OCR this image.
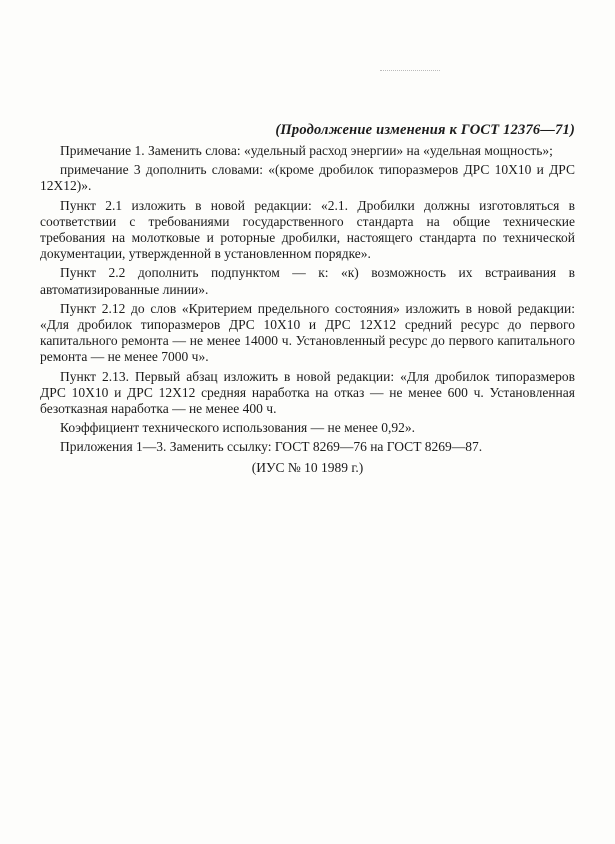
(Продолжение изменения к ГОСТ 12376—71)

Примечание 1. Заменить слова: «удельный расход энергии» на «удельная мощность»;

примечание 3 дополнить словами: «(кроме дробилок типоразмеров ДРС 10Х10 и ДРС 12Х12)».

Пункт 2.1 изложить в новой редакции: «2.1. Дробилки должны изготовляться в соответствии с требованиями государственного стандарта на общие технические требования на молотковые и роторные дробилки, настоящего стандарта по технической документации, утвержденной в установленном порядке».

Пункт 2.2 дополнить подпунктом — к: «к) возможность их встраивания в автоматизированные линии».

Пункт 2.12 до слов «Критерием предельного состояния» изложить в новой редакции: «Для дробилок типоразмеров ДРС 10Х10 и ДРС 12Х12 средний ресурс до первого капитального ремонта — не менее 14000 ч. Установленный ресурс до первого капитального ремонта — не менее 7000 ч».

Пункт 2.13. Первый абзац изложить в новой редакции: «Для дробилок типоразмеров ДРС 10Х10 и ДРС 12Х12 средняя наработка на отказ — не менее 600 ч. Установленная безотказная наработка — не менее 400 ч.

Коэффициент технического использования — не менее 0,92».

Приложения 1—3. Заменить ссылку: ГОСТ 8269—76 на ГОСТ 8269—87.

(ИУС № 10 1989 г.)
